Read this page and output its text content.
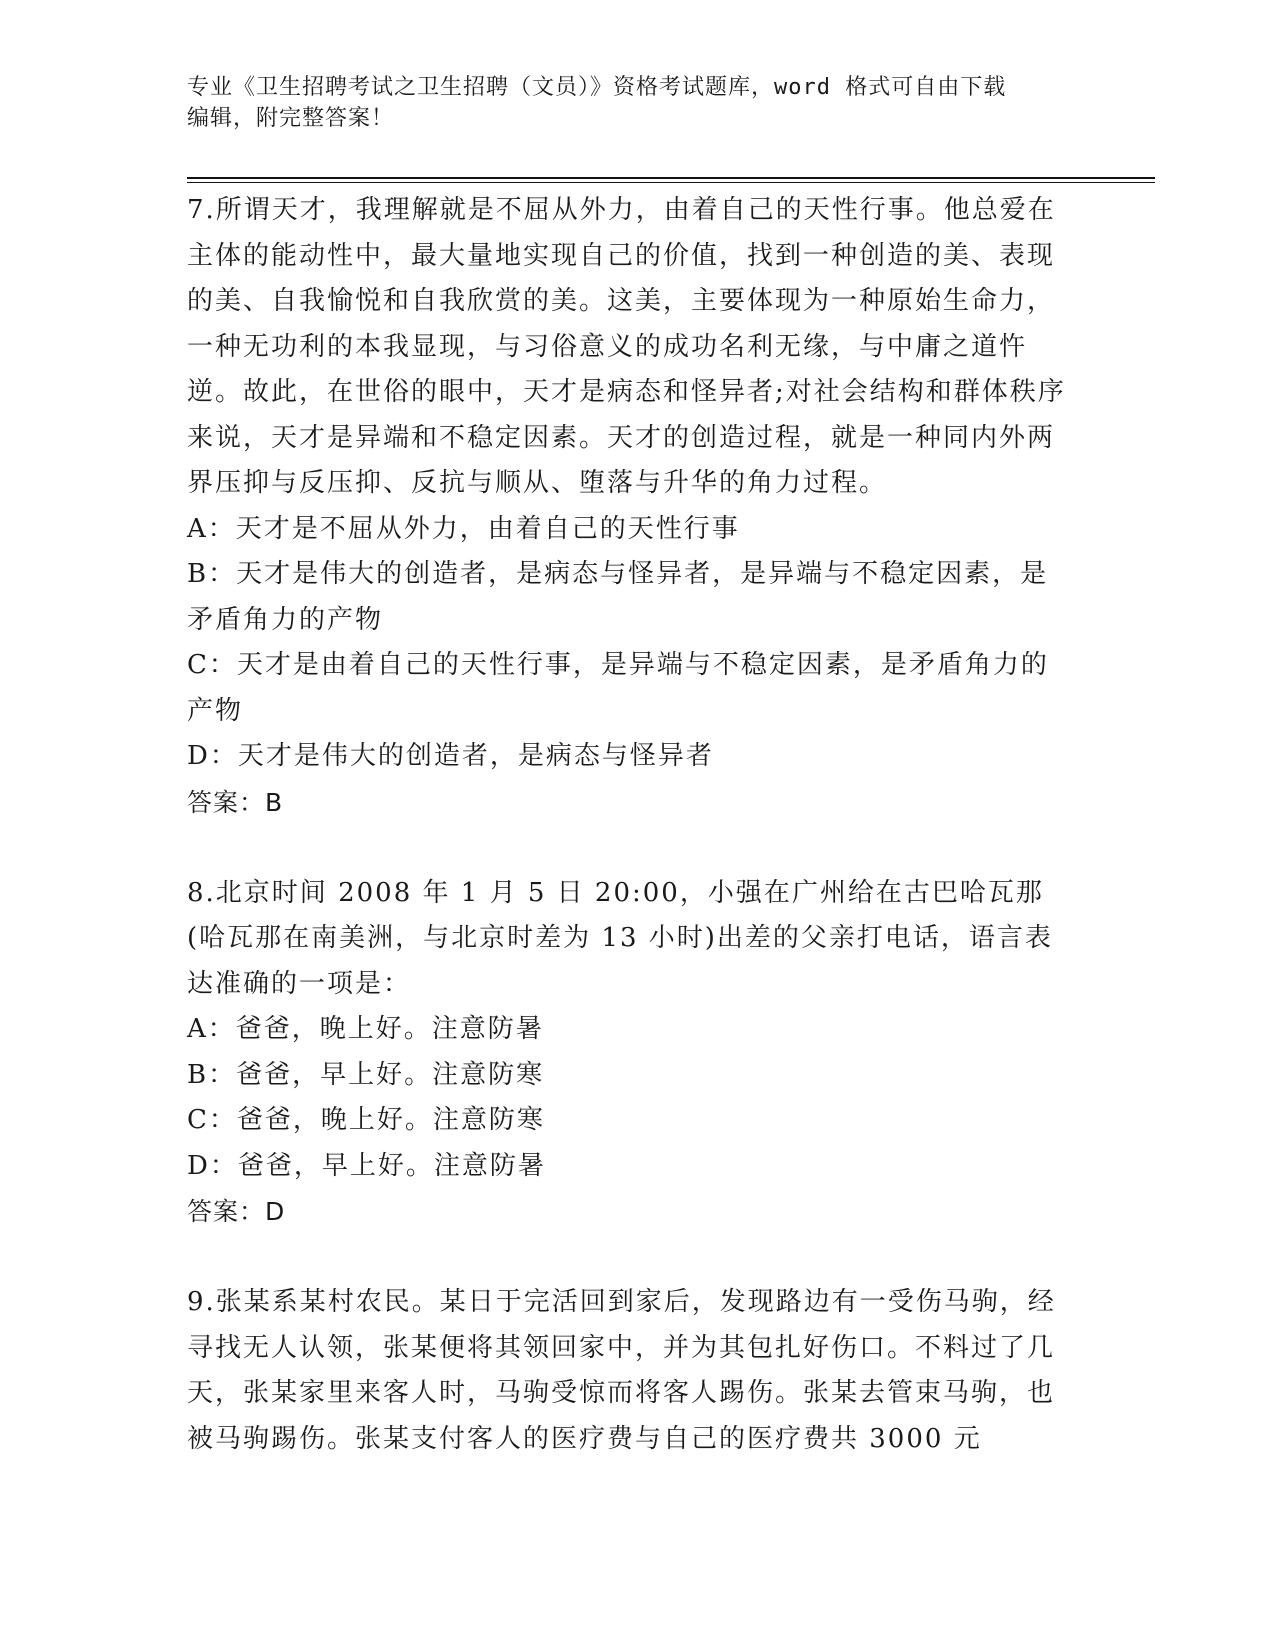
专业《卫生招聘考试之卫生招聘（文员）》资格考试题库，word 格式可自由下载
编辑，附完整答案！
7.所谓天才，我理解就是不屈从外力，由着自己的天性行事。他总爱在主体的能动性中，最大量地实现自己的价值，找到一种创造的美、表现的美、自我愉悦和自我欣赏的美。这美，主要体现为一种原始生命力，一种无功利的本我显现，与习俗意义的成功名利无缘，与中庸之道忤逆。故此，在世俗的眼中，天才是病态和怪异者;对社会结构和群体秩序来说，天才是异端和不稳定因素。天才的创造过程，就是一种同内外两界压抑与反压抑、反抗与顺从、堕落与升华的角力过程。
A：天才是不屈从外力，由着自己的天性行事
B：天才是伟大的创造者，是病态与怪异者，是异端与不稳定因素，是矛盾角力的产物
C：天才是由着自己的天性行事，是异端与不稳定因素，是矛盾角力的产物
D：天才是伟大的创造者，是病态与怪异者
答案：B
8.北京时间 2008 年 1 月 5 日 20:00，小强在广州给在古巴哈瓦那(哈瓦那在南美洲，与北京时差为 13 小时)出差的父亲打电话，语言表达准确的一项是：
A：爸爸，晚上好。注意防暑
B：爸爸，早上好。注意防寒
C：爸爸，晚上好。注意防寒
D：爸爸，早上好。注意防暑
答案：D
9.张某系某村农民。某日于完活回到家后，发现路边有一受伤马驹，经寻找无人认领，张某便将其领回家中，并为其包扎好伤口。不料过了几天，张某家里来客人时，马驹受惊而将客人踢伤。张某去管束马驹，也被马驹踢伤。张某支付客人的医疗费与自己的医疗费共 3000 元
